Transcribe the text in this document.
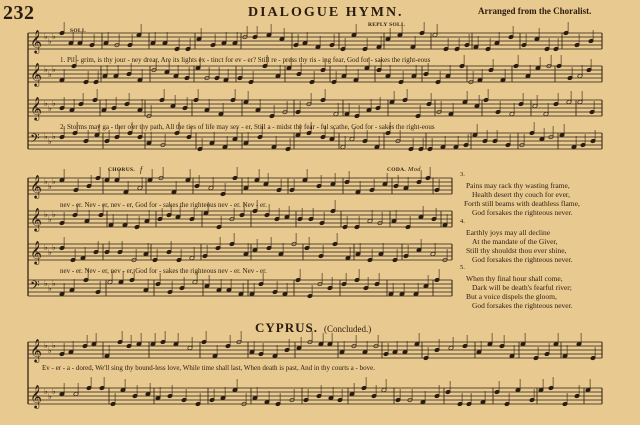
𝄞 ♭
♭
♭
𝄞 ♭
♭
♭
𝄞 ♭
♭
♭
𝄢 ♭
♭
♭
𝄞 ♭
♭
♭
𝄞 ♭
♭
♭
𝄞 ♭
♭
♭
𝄢 ♭
♭
♭
𝄞 ♭
♭
♭
𝄞 ♭
♭
♭
232	DIALOGUE HYMN.	Arranged from the Choralist.
SOLI.
REPLY SOLI.
1. Pil - grim, is thy jour - ney drear, Are its lights ex - tinct for ev - er? Still re - press thy ris - ing fear, God for - sakes the right-eous
2. Storms may ga - ther o'er thy path, All the ties of life may sev - er, Still a - midst the fear - ful scathe, God for - sakes the right-eous
CHORUS. f	CODA. Mod.
nev - er. Nev - er, nev - er, God for - sakes the righteous nev - er. Nev - er.
nev - er. Nev - er, nev - er, God for - sakes the righteous nev - er. Nev - er.
3.
Pains may rack thy wasting frame,
Health desert thy couch for ever,
Forth still beams with deathless flame,
God forsakes the righteous never.
4.
Earthly joys may all decline
At the mandate of the Giver,
Still thy shouldst thou ever shine,
God forsakes the righteous never.
5.
When thy final hour shall come,
Dark will be death's fearful river;
But a voice dispels the gloom,
God forsakes the righteous never.
CYPRUS. (Concluded.)
Ev - er - a - dored, We'll sing thy bound-less love, While time shall last, When death is past, And in thy courts a - bove.
